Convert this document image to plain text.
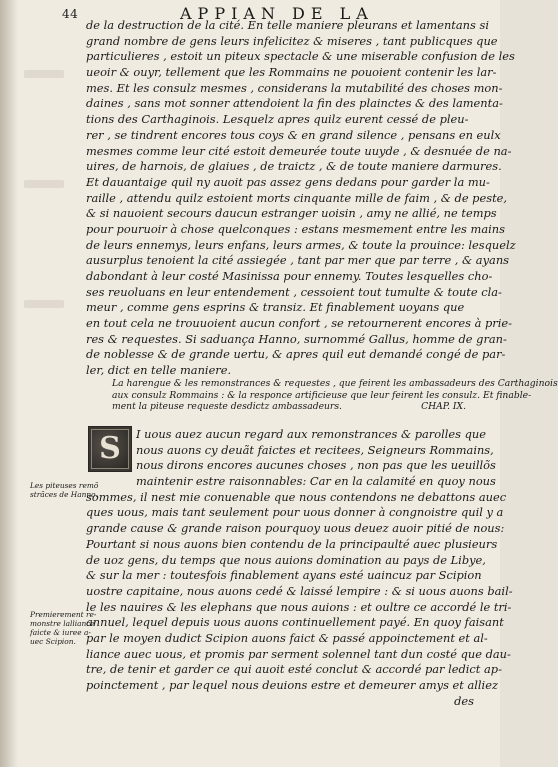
44	APPIAN DE LA
de la destruction de la cité. En telle maniere pleurans et lamentans si
grand nombre de gens leurs infelicitez & miseres , tant publicques que
particulieres , estoit un piteux spectacle & une miserable confusion de les
ueoir & ouyr, tellement que les Rommains ne pouoient contenir les lar-
mes. Et les consulz mesmes , considerans la mutabilité des choses mon-
daines , sans mot sonner attendoient la fin des plainctes & des lamenta-
tions des Carthaginois. Lesquelz apres quilz eurent cessé de pleu-
rer , se tindrent encores tous coys & en grand silence , pensans en eulx
mesmes comme leur cité estoit demeurée toute uuyde , & desnuée de na-
uires, de harnois, de glaiues , de traictz , & de toute maniere darmures.
Et dauantaige quil ny auoit pas assez gens dedans pour garder la mu-
raille , attendu quilz estoient morts cinquante mille de faim , & de peste,
& si nauoient secours daucun estranger uoisin , amy ne allié, ne temps
pour pouruoir à chose quelconques : estans mesmement entre les mains
de leurs ennemys, leurs enfans, leurs armes, & toute la prouince: lesquelz
ausurplus tenoient la cité assiegée , tant par mer que par terre , & ayans
dabondant à leur costé Masinissa pour ennemy. Toutes lesquelles cho-
ses reuoluans en leur entendement , cessoient tout tumulte & toute cla-
meur , comme gens esprins & transiz. Et finablement uoyans que
en tout cela ne trouuoient aucun confort , se retournerent encores à prie-
res & requestes. Si saduança Hanno, surnommé Gallus, homme de gran-
de noblesse & de grande uertu, & apres quil eut demandé congé de par-
ler, dict en telle maniere.
La harengue & les remonstrances & requestes , que feirent les ambassadeurs des Carthaginois
aux consulz Rommains : & la responce artificieuse que leur feirent les consulz. Et finable-
ment la piteuse requeste desdictz ambassadeurs.	CHAP. IX.
S	I uous auez aucun regard aux remonstrances & parolles que
nous auons cy deuãt faictes et recitees, Seigneurs Rommains,
nous dirons encores aucunes choses , non pas que les ueuillõs
maintenir estre raisonnables: Car en la calamité en quoy nous
sommes, il nest mie conuenable que nous contendons ne debattons auec
ques uous, mais tant seulement pour uous donner à congnoistre quil y a
grande cause & grande raison pourquoy uous deuez auoir pitié de nous:
Pourtant si nous auons bien contendu de la principaulté auec plusieurs
de uoz gens, du temps que nous auions domination au pays de Libye,
& sur la mer : toutesfois finablement ayans esté uaincuz par Scipion
uostre capitaine, nous auons cedé & laissé lempire : & si uous auons bail-
le les nauires & les elephans que nous auions : et oultre ce accordé le tri-
annuel, lequel depuis uous auons continuellement payé. En quoy faisant
par le moyen dudict Scipion auons faict & passé appoinctement et al-
liance auec uous, et promis par serment solennel tant dun costé que dau-
tre, de tenir et garder ce qui auoit esté conclut & accordé par ledict ap-
poinctement , par lequel nous deuions estre et demeurer amys et alliez
des
Les piteuses remõ
strãces de Hanno.
Premierement re-
monstre lalliance
faicte & iuree a-
uec Scipion.
